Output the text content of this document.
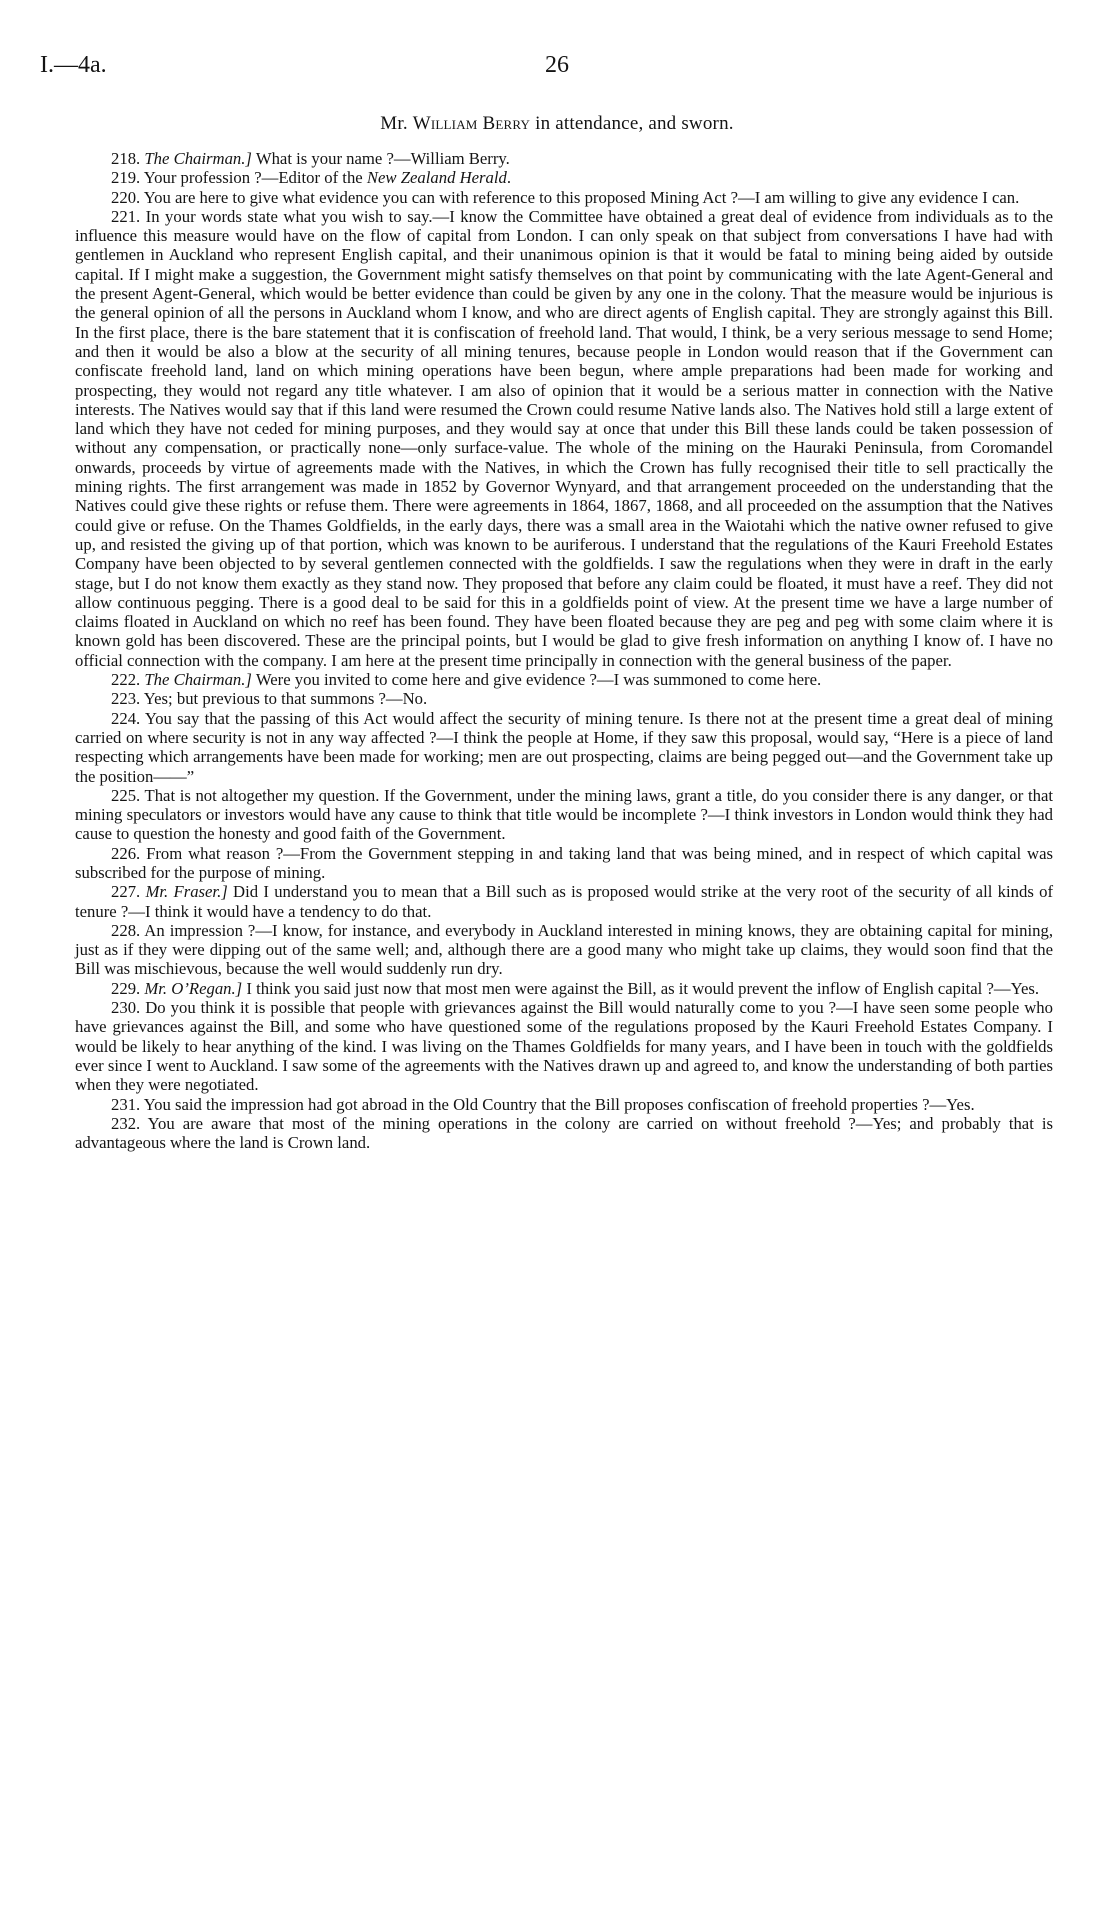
I.—4a.	26
Mr. William Berry in attendance, and sworn.

218. The Chairman.] What is your name ?—William Berry.

219. Your profession ?—Editor of the New Zealand Herald.

220. You are here to give what evidence you can with reference to this proposed Mining Act ?—I am willing to give any evidence I can.

221. In your words state what you wish to say.—I know the Committee have obtained a great deal of evidence from individuals as to the influence this measure would have on the flow of capital from London. I can only speak on that subject from conversations I have had with gentlemen in Auckland who represent English capital, and their unanimous opinion is that it would be fatal to mining being aided by outside capital. If I might make a suggestion, the Government might satisfy themselves on that point by communicating with the late Agent-General and the present Agent-General, which would be better evidence than could be given by any one in the colony. That the measure would be injurious is the general opinion of all the persons in Auckland whom I know, and who are direct agents of English capital. They are strongly against this Bill. In the first place, there is the bare statement that it is confiscation of freehold land. That would, I think, be a very serious message to send Home; and then it would be also a blow at the security of all mining tenures, because people in London would reason that if the Government can confiscate freehold land, land on which mining operations have been begun, where ample preparations had been made for working and prospecting, they would not regard any title whatever. I am also of opinion that it would be a serious matter in connection with the Native interests. The Natives would say that if this land were resumed the Crown could resume Native lands also. The Natives hold still a large extent of land which they have not ceded for mining purposes, and they would say at once that under this Bill these lands could be taken possession of without any compensation, or practically none—only surface-value. The whole of the mining on the Hauraki Peninsula, from Coromandel onwards, proceeds by virtue of agreements made with the Natives, in which the Crown has fully recognised their title to sell practically the mining rights. The first arrangement was made in 1852 by Governor Wynyard, and that arrangement proceeded on the understanding that the Natives could give these rights or refuse them. There were agreements in 1864, 1867, 1868, and all proceeded on the assumption that the Natives could give or refuse. On the Thames Goldfields, in the early days, there was a small area in the Waiotahi which the native owner refused to give up, and resisted the giving up of that portion, which was known to be auriferous. I understand that the regulations of the Kauri Freehold Estates Company have been objected to by several gentlemen connected with the goldfields. I saw the regulations when they were in draft in the early stage, but I do not know them exactly as they stand now. They proposed that before any claim could be floated, it must have a reef. They did not allow continuous pegging. There is a good deal to be said for this in a goldfields point of view. At the present time we have a large number of claims floated in Auckland on which no reef has been found. They have been floated because they are peg and peg with some claim where it is known gold has been discovered. These are the principal points, but I would be glad to give fresh information on anything I know of. I have no official connection with the company. I am here at the present time principally in connection with the general business of the paper.

222. The Chairman.] Were you invited to come here and give evidence ?—I was summoned to come here.

223. Yes; but previous to that summons ?—No.

224. You say that the passing of this Act would affect the security of mining tenure. Is there not at the present time a great deal of mining carried on where security is not in any way affected ?—I think the people at Home, if they saw this proposal, would say, “Here is a piece of land respecting which arrangements have been made for working; men are out prospecting, claims are being pegged out—and the Government take up the position——”

225. That is not altogether my question. If the Government, under the mining laws, grant a title, do you consider there is any danger, or that mining speculators or investors would have any cause to think that title would be incomplete ?—I think investors in London would think they had cause to question the honesty and good faith of the Government.

226. From what reason ?—From the Government stepping in and taking land that was being mined, and in respect of which capital was subscribed for the purpose of mining.

227. Mr. Fraser.] Did I understand you to mean that a Bill such as is proposed would strike at the very root of the security of all kinds of tenure ?—I think it would have a tendency to do that.

228. An impression ?—I know, for instance, and everybody in Auckland interested in mining knows, they are obtaining capital for mining, just as if they were dipping out of the same well; and, although there are a good many who might take up claims, they would soon find that the Bill was mischievous, because the well would suddenly run dry.

229. Mr. O’Regan.] I think you said just now that most men were against the Bill, as it would prevent the inflow of English capital ?—Yes.

230. Do you think it is possible that people with grievances against the Bill would naturally come to you ?—I have seen some people who have grievances against the Bill, and some who have questioned some of the regulations proposed by the Kauri Freehold Estates Company. I would be likely to hear anything of the kind. I was living on the Thames Goldfields for many years, and I have been in touch with the goldfields ever since I went to Auckland. I saw some of the agreements with the Natives drawn up and agreed to, and know the understanding of both parties when they were negotiated.

231. You said the impression had got abroad in the Old Country that the Bill proposes confiscation of freehold properties ?—Yes.

232. You are aware that most of the mining operations in the colony are carried on without freehold ?—Yes; and probably that is advantageous where the land is Crown land.
